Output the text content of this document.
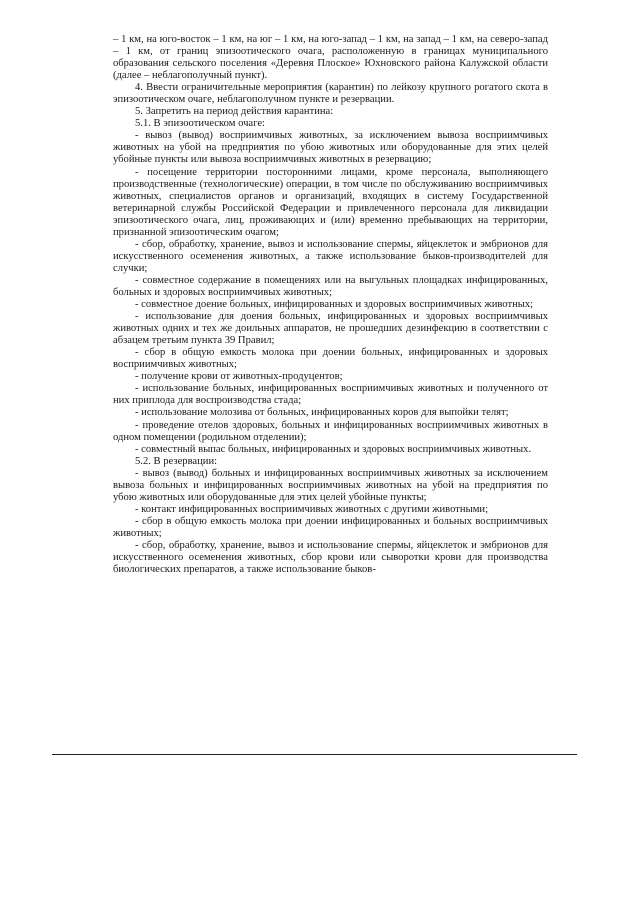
– 1 км, на юго-восток – 1 км, на юг – 1 км, на юго-запад – 1 км, на запад – 1 км, на северо-запад – 1 км, от границ эпизоотического очага, расположенную в границах муниципального образования сельского поселения «Деревня Плоское» Юхновского района Калужской области (далее – неблагополучный пункт).

4. Ввести ограничительные мероприятия (карантин) по лейкозу крупного рогатого скота в эпизоотическом очаге, неблагополучном пункте и резервации.

5. Запретить на период действия карантина:

5.1. В эпизоотическом очаге:

- вывоз (вывод) восприимчивых животных, за исключением вывоза восприимчивых животных на убой на предприятия по убою животных или оборудованные для этих целей убойные пункты или вывоза восприимчивых животных в резервацию;

- посещение территории посторонними лицами, кроме персонала, выполняющего производственные (технологические) операции, в том числе по обслуживанию восприимчивых животных, специалистов органов и организаций, входящих в систему Государственной ветеринарной службы Российской Федерации и привлеченного персонала для ликвидации эпизоотического очага, лиц, проживающих и (или) временно пребывающих на территории, признанной эпизоотическим очагом;

- сбор, обработку, хранение, вывоз и использование спермы, яйцеклеток и эмбрионов для искусственного осеменения животных, а также использование быков-производителей для случки;

- совместное содержание в помещениях или на выгульных площадках инфицированных, больных и здоровых восприимчивых животных;

- совместное доение больных, инфицированных и здоровых восприимчивых животных;

- использование для доения больных, инфицированных и здоровых восприимчивых животных одних и тех же доильных аппаратов, не прошедших дезинфекцию в соответствии с абзацем третьим пункта 39 Правил;

- сбор в общую емкость молока при доении больных, инфицированных и здоровых восприимчивых животных;

- получение крови от животных-продуцентов;

- использование больных, инфицированных восприимчивых животных и полученного от них приплода для воспроизводства стада;

- использование молозива от больных, инфицированных коров для выпойки телят;

- проведение отелов здоровых, больных и инфицированных восприимчивых животных в одном помещении (родильном отделении);

- совместный выпас больных, инфицированных и здоровых восприимчивых животных.

5.2. В резервации:

- вывоз (вывод) больных и инфицированных восприимчивых животных за исключением вывоза больных и инфицированных восприимчивых животных на убой на предприятия по убою животных или оборудованные для этих целей убойные пункты;

- контакт инфицированных восприимчивых животных с другими животными;

- сбор в общую емкость молока при доении инфицированных и больных восприимчивых животных;

- сбор, обработку, хранение, вывоз и использование спермы, яйцеклеток и эмбрионов для искусственного осеменения животных, сбор крови или сыворотки крови для производства биологических препаратов, а также использование быков-
